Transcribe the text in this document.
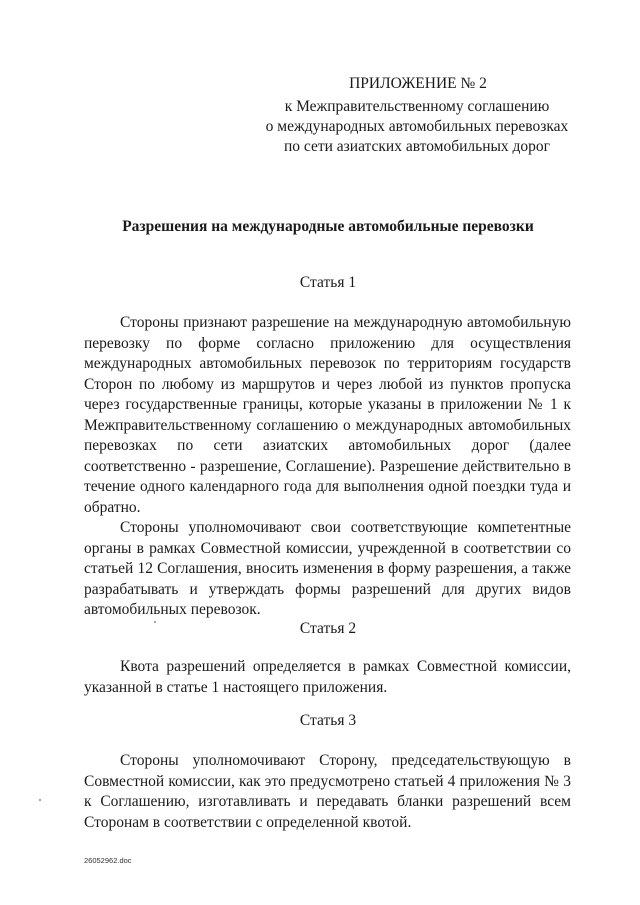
ПРИЛОЖЕНИЕ № 2
к Межправительственному соглашению
о международных автомобильных перевозках
по сети азиатских автомобильных дорог
Разрешения на международные автомобильные перевозки
Статья 1

Стороны признают разрешение на международную автомобильную перевозку по форме согласно приложению для осуществления международных автомобильных перевозок по территориям государств Сторон по любому из маршрутов и через любой из пунктов пропуска через государственные границы, которые указаны в приложении № 1 к Межправительственному соглашению о международных автомобильных перевозках по сети азиатских автомобильных дорог (далее соответственно - разрешение, Соглашение). Разрешение действительно в течение одного календарного года для выполнения одной поездки туда и обратно.

Стороны уполномочивают свои соответствующие компетентные органы в рамках Совместной комиссии, учрежденной в соответствии со статьей 12 Соглашения, вносить изменения в форму разрешения, а также разрабатывать и утверждать формы разрешений для других видов автомобильных перевозок.

Статья 2

Квота разрешений определяется в рамках Совместной комиссии, указанной в статье 1 настоящего приложения.

Статья 3

Стороны уполномочивают Сторону, председательствующую в Совместной комиссии, как это предусмотрено статьей 4 приложения № 3 к Соглашению, изготавливать и передавать бланки разрешений всем Сторонам в соответствии с определенной квотой.

26052962.doc
